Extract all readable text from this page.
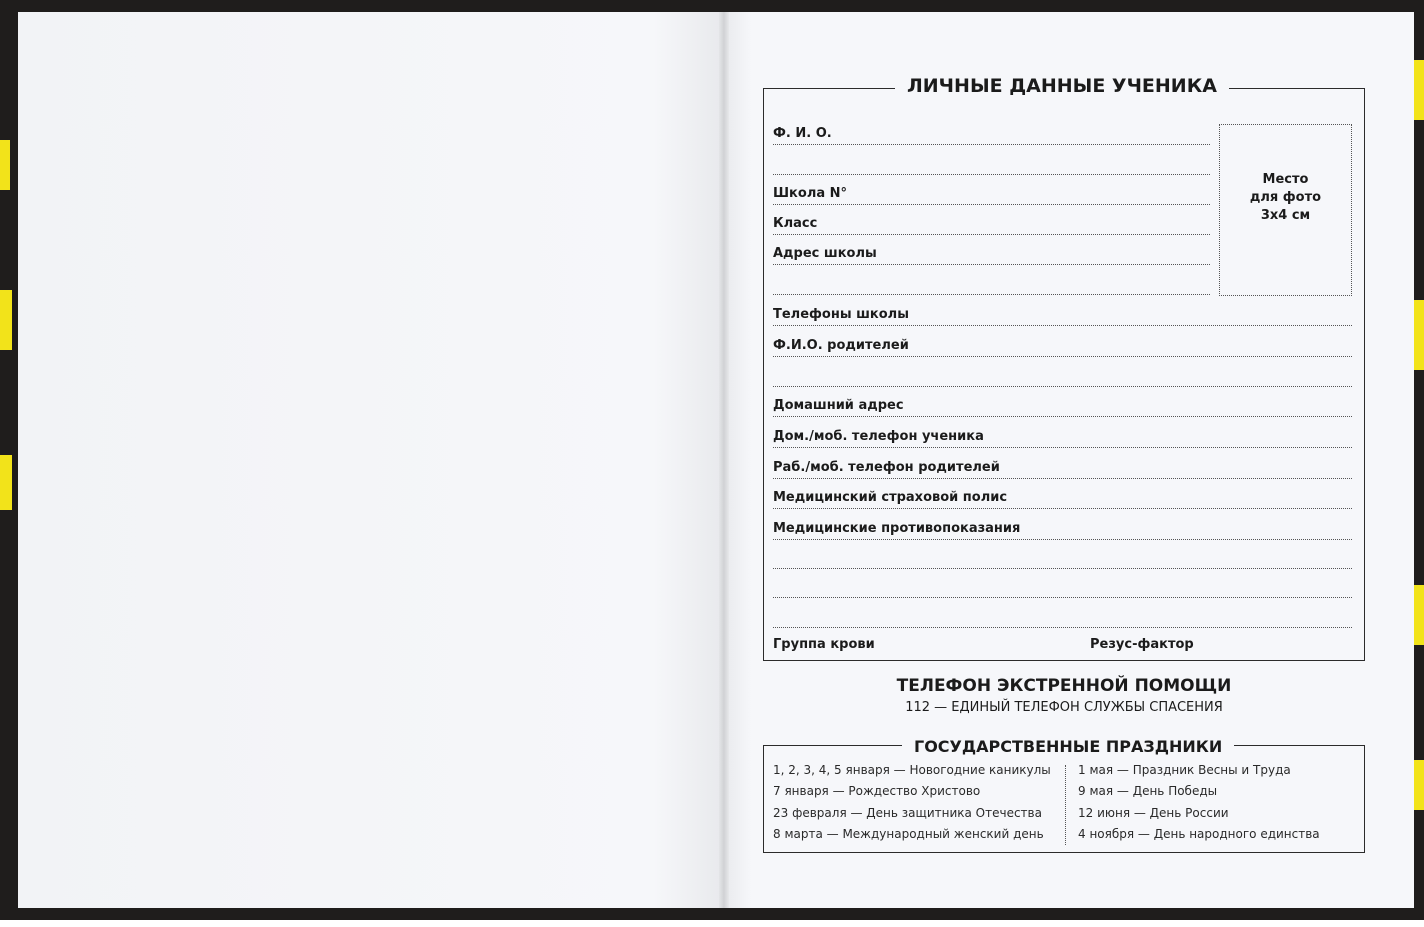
ЛИЧНЫЕ ДАННЫЕ УЧЕНИКА
Место
для фото
3х4 см
Ф. И. О.
Школа N°
Класс
Адрес школы
Телефоны школы
Ф.И.О. родителей
Домашний адрес
Дом./моб. телефон ученика
Раб./моб. телефон родителей
Медицинский страховой полис
Медицинские противопоказания
Группа крови	Резус-фактор
ТЕЛЕФОН ЭКСТРЕННОЙ ПОМОЩИ
112 — ЕДИНЫЙ ТЕЛЕФОН СЛУЖБЫ СПАСЕНИЯ
ГОСУДАРСТВЕННЫЕ ПРАЗДНИКИ
1, 2, 3, 4, 5 января — Новогодние каникулы
7 января — Рождество Христово
23 февраля — День защитника Отечества
8 марта — Международный женский день
1 мая — Праздник Весны и Труда
9 мая — День Победы
12 июня — День России
4 ноября — День народного единства
